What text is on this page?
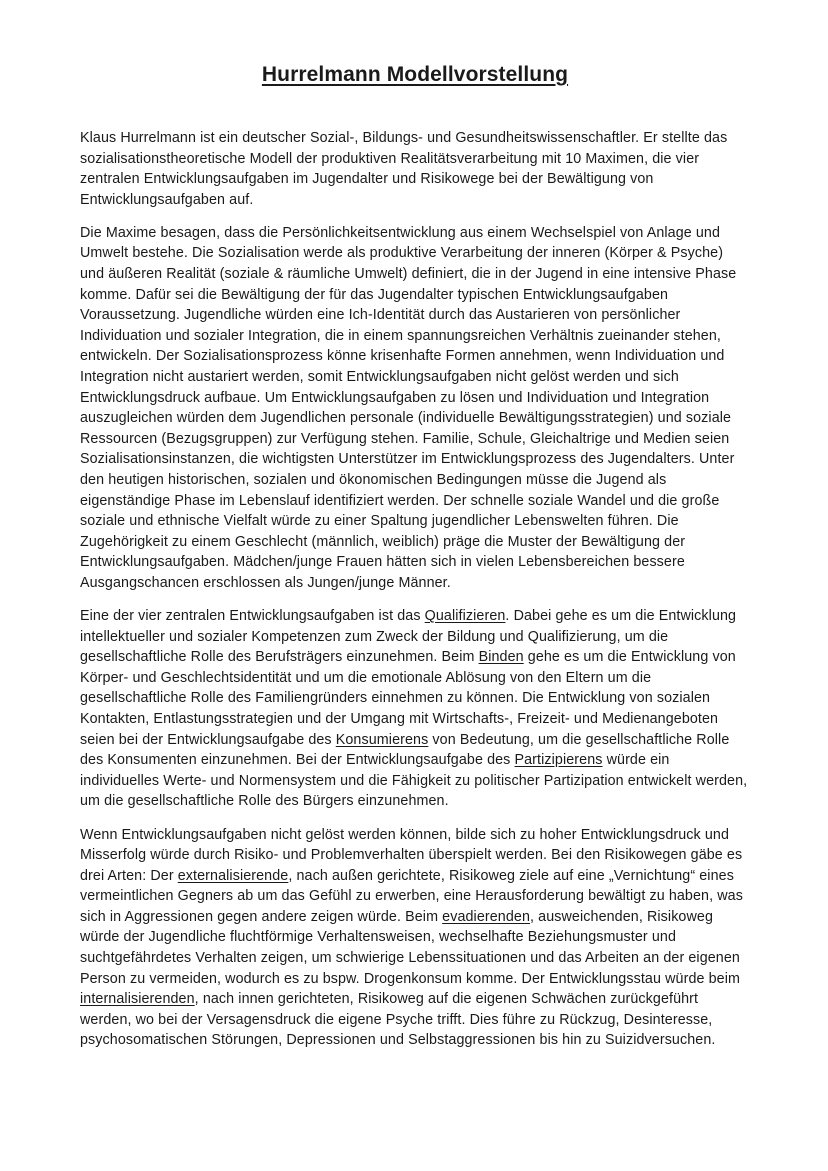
Hurrelmann Modellvorstellung

Klaus Hurrelmann ist ein deutscher Sozial-, Bildungs- und Gesundheitswissenschaftler. Er stellte das sozialisationstheoretische Modell der produktiven Realitätsverarbeitung mit 10 Maximen, die vier zentralen Entwicklungsaufgaben im Jugendalter und Risikowege bei der Bewältigung von Entwicklungsaufgaben auf.

Die Maxime besagen, dass die Persönlichkeitsentwicklung aus einem Wechselspiel von Anlage und Umwelt bestehe. Die Sozialisation werde als produktive Verarbeitung der inneren (Körper & Psyche) und äußeren Realität (soziale & räumliche Umwelt) definiert, die in der Jugend in eine intensive Phase komme. Dafür sei die Bewältigung der für das Jugendalter typischen Entwicklungsaufgaben Voraussetzung. Jugendliche würden eine Ich-Identität durch das Austarieren von persönlicher Individuation und sozialer Integration, die in einem spannungsreichen Verhältnis zueinander stehen, entwickeln. Der Sozialisationsprozess könne krisenhafte Formen annehmen, wenn Individuation und Integration nicht austariert werden, somit Entwicklungsaufgaben nicht gelöst werden und sich Entwicklungsdruck aufbaue. Um Entwicklungsaufgaben zu lösen und Individuation und Integration auszugleichen würden dem Jugendlichen personale (individuelle Bewältigungsstrategien) und soziale Ressourcen (Bezugsgruppen) zur Verfügung stehen. Familie, Schule, Gleichaltrige und Medien seien Sozialisationsinstanzen, die wichtigsten Unterstützer im Entwicklungsprozess des Jugendalters. Unter den heutigen historischen, sozialen und ökonomischen Bedingungen müsse die Jugend als eigenständige Phase im Lebenslauf identifiziert werden. Der schnelle soziale Wandel und die große soziale und ethnische Vielfalt würde zu einer Spaltung jugendlicher Lebenswelten führen. Die Zugehörigkeit zu einem Geschlecht (männlich, weiblich) präge die Muster der Bewältigung der Entwicklungsaufgaben. Mädchen/junge Frauen hätten sich in vielen Lebensbereichen bessere Ausgangschancen erschlossen als Jungen/junge Männer.

Eine der vier zentralen Entwicklungsaufgaben ist das Qualifizieren. Dabei gehe es um die Entwicklung intellektueller und sozialer Kompetenzen zum Zweck der Bildung und Qualifizierung, um die gesellschaftliche Rolle des Berufsträgers einzunehmen. Beim Binden gehe es um die Entwicklung von Körper- und Geschlechtsidentität und um die emotionale Ablösung von den Eltern um die gesellschaftliche Rolle des Familiengründers einnehmen zu können. Die Entwicklung von sozialen Kontakten, Entlastungsstrategien und der Umgang mit Wirtschafts-, Freizeit- und Medienangeboten seien bei der Entwicklungsaufgabe des Konsumierens von Bedeutung, um die gesellschaftliche Rolle des Konsumenten einzunehmen. Bei der Entwicklungsaufgabe des Partizipierens würde ein individuelles Werte- und Normensystem und die Fähigkeit zu politischer Partizipation entwickelt werden, um die gesellschaftliche Rolle des Bürgers einzunehmen.

Wenn Entwicklungsaufgaben nicht gelöst werden können, bilde sich zu hoher Entwicklungsdruck und Misserfolg würde durch Risiko- und Problemverhalten überspielt werden. Bei den Risikowegen gäbe es drei Arten: Der externalisierende, nach außen gerichtete, Risikoweg ziele auf eine „Vernichtung“ eines vermeintlichen Gegners ab um das Gefühl zu erwerben, eine Herausforderung bewältigt zu haben, was sich in Aggressionen gegen andere zeigen würde. Beim evadierenden, ausweichenden, Risikoweg würde der Jugendliche fluchtförmige Verhaltensweisen, wechselhafte Beziehungsmuster und suchtgefährdetes Verhalten zeigen, um schwierige Lebenssituationen und das Arbeiten an der eigenen Person zu vermeiden, wodurch es zu bspw. Drogenkonsum komme. Der Entwicklungsstau würde beim internalisierenden, nach innen gerichteten, Risikoweg auf die eigenen Schwächen zurückgeführt werden, wo bei der Versagensdruck die eigene Psyche trifft. Dies führe zu Rückzug, Desinteresse, psychosomatischen Störungen, Depressionen und Selbstaggressionen bis hin zu Suizidversuchen.
